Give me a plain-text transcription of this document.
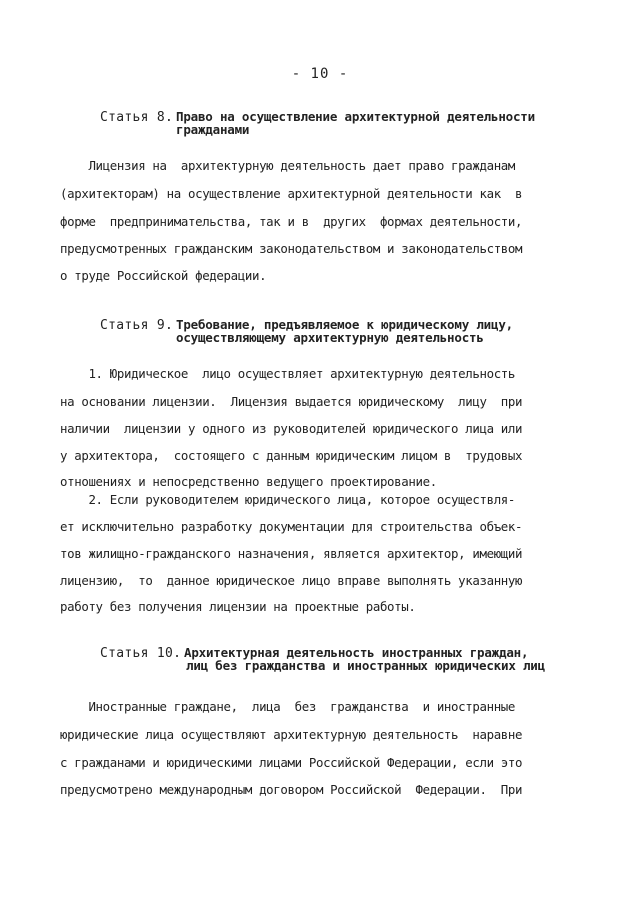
- 10 -
Статья 8. Право на осуществление архитектурной деятельности
гражданами
Лицензия на  архитектурную деятельность дает право гражданам
(архитекторам) на осуществление архитектурной деятельности как  в
форме  предпринимательства, так и в  других  формах деятельности,
предусмотренных гражданским законодательством и законодательством
о труде Российской федерации.
Статья 9. Требование, предъявляемое к юридическому лицу,
осуществляющему архитектурную деятельность
1. Юридическое  лицо осуществляет архитектурную деятельность
на основании лицензии.  Лицензия выдается юридическому  лицу  при
наличии  лицензии у одного из руководителей юридического лица или
у архитектора,  состоящего с данным юридическим лицом в  трудовых
отношениях и непосредственно ведущего проектирование.
2. Если руководителем юридического лица, которое осуществля-
ет исключительно разработку документации для строительства объек-
тов жилищно-гражданского назначения, является архитектор, имеющий
лицензию,  то  данное юридическое лицо вправе выполнять указанную
работу без получения лицензии на проектные работы.
Статья 10. Архитектурная деятельность иностранных граждан,
лиц без гражданства и иностранных юридических лиц
Иностранные граждане,  лица  без  гражданства  и иностранные
юридические лица осуществляют архитектурную деятельность  наравне
с гражданами и юридическими лицами Российской Федерации, если это
предусмотрено международным договором Российской  Федерации.  При
